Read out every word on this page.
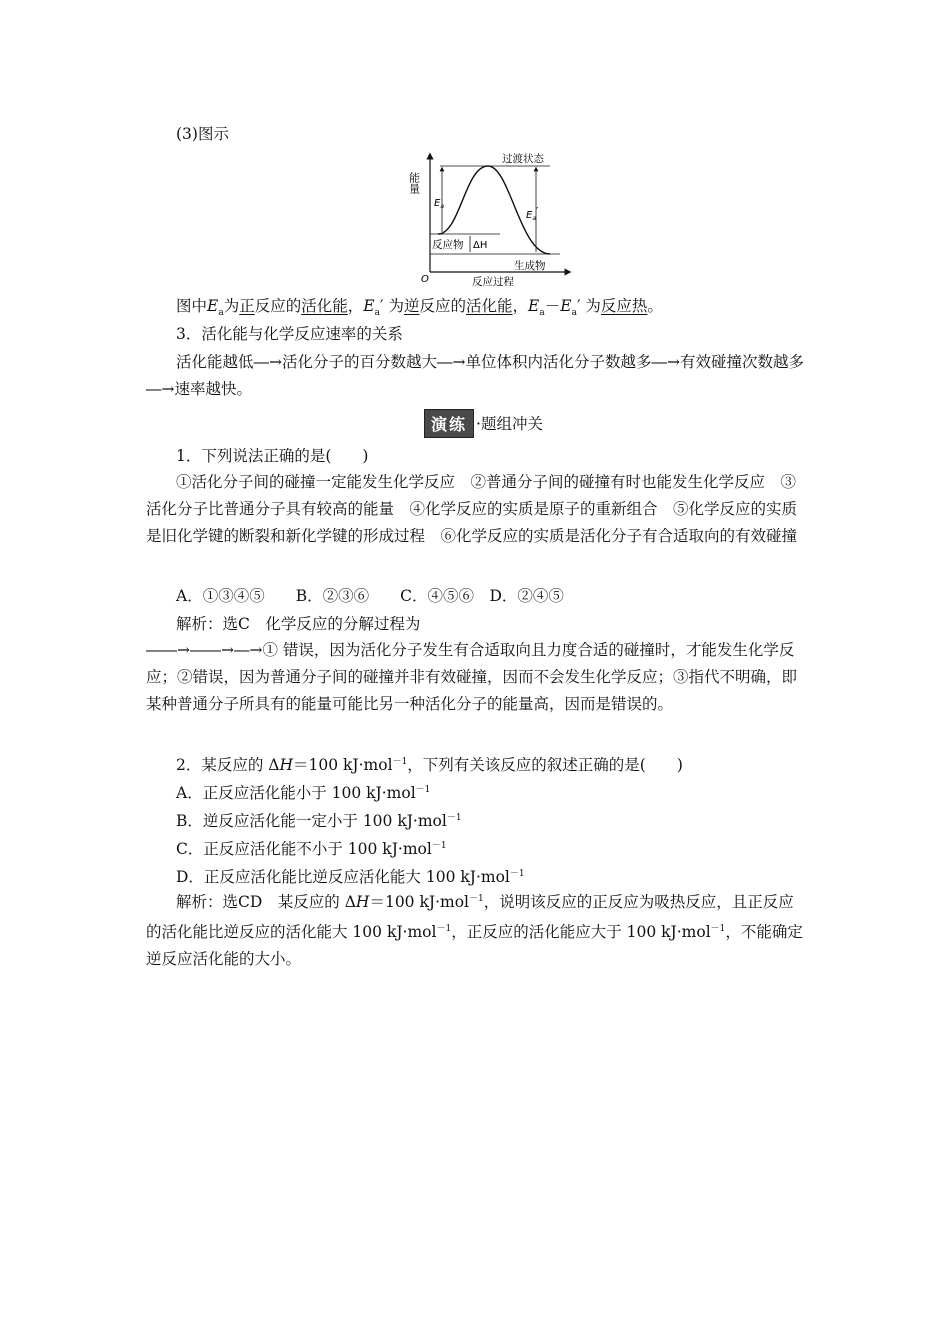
(3)图示
能量
过渡状态
$E_a$
$E_a'$
反应物 ΔH
生成物
O	反应过程
图中$E_a$为正反应的活化能，$E_a'$ 为逆反应的活化能，$E_a-E_a'$ 为反应热。
3．活化能与化学反应速率的关系
活化能越低―→活化分子的百分数越大―→单位体积内活化分子数越多―→有效碰撞次数越多―→速率越快。
演练 ·题组冲关
1．下列说法正确的是(　　)
①活化分子间的碰撞一定能发生化学反应　②普通分子间的碰撞有时也能发生化学反应　③活化分子比普通分子具有较高的能量　④化学反应的实质是原子的重新组合　⑤化学反应的实质是旧化学键的断裂和新化学键的形成过程　⑥化学反应的实质是活化分子有合适取向的有效碰撞
A．①③④⑤　　B．②③⑥　　C．④⑤⑥　D．②④⑤
解析：选C　化学反应的分解过程为
――→――→―→① 错误，因为活化分子发生有合适取向且力度合适的碰撞时，才能发生化学反应；②错误，因为普通分子间的碰撞并非有效碰撞，因而不会发生化学反应；③指代不明确，即某种普通分子所具有的能量可能比另一种活化分子的能量高，因而是错误的。
2．某反应的 ΔH＝100 kJ·mol$^{-1}$，下列有关该反应的叙述正确的是(　　)
A．正反应活化能小于 100 kJ·mol$^{-1}$
B．逆反应活化能一定小于 100 kJ·mol$^{-1}$
C．正反应活化能不小于 100 kJ·mol$^{-1}$
D．正反应活化能比逆反应活化能大 100 kJ·mol$^{-1}$
解析：选CD　某反应的 ΔH＝100 kJ·mol$^{-1}$，说明该反应的正反应为吸热反应，且正反应的活化能比逆反应的活化能大 100 kJ·mol$^{-1}$，正反应的活化能应大于 100 kJ·mol$^{-1}$，不能确定逆反应活化能的大小。
